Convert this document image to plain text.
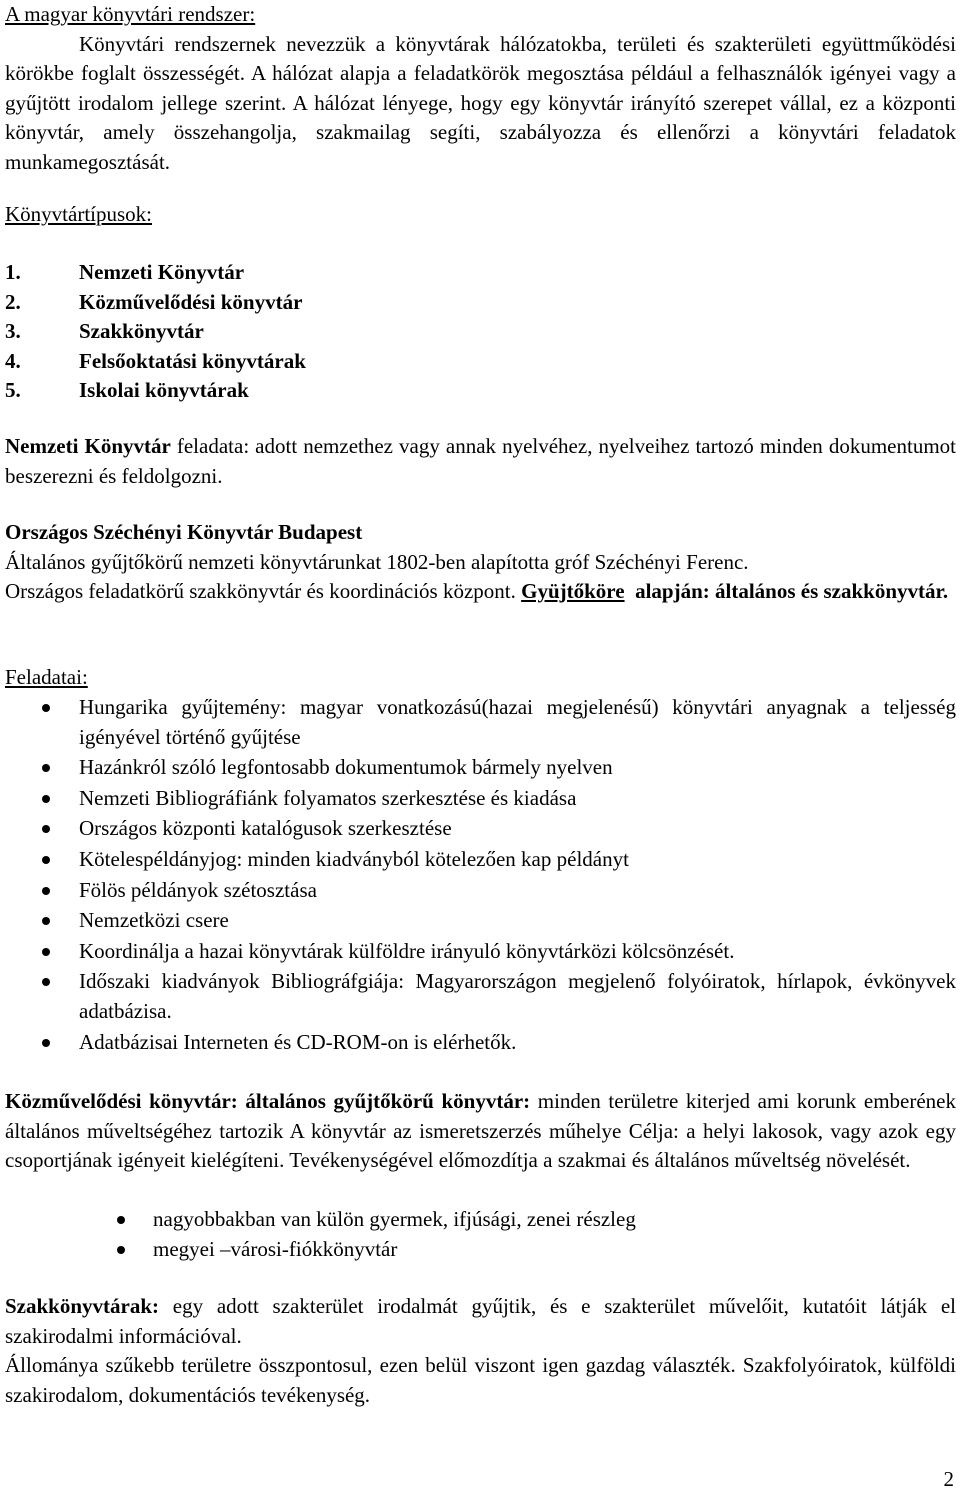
A magyar könyvtári rendszer:
Könyvtári rendszernek nevezzük a könyvtárak hálózatokba, területi és szakterületi együttműködési körökbe foglalt összességét. A hálózat alapja a feladatkörök megosztása például a felhasználók igényei vagy a gyűjtött irodalom jellege szerint. A hálózat lényege, hogy egy könyvtár irányító szerepet vállal, ez a központi könyvtár, amely összehangolja, szakmailag segíti, szabályozza és ellenőrzi a könyvtári feladatok munkamegosztását.
Könyvtártípusok:
1.	Nemzeti Könyvtár
2.	Közművelődési könyvtár
3.	Szakkönyvtár
4.	Felsőoktatási könyvtárak
5.	Iskolai könyvtárak
Nemzeti Könyvtár feladata: adott nemzethez vagy annak nyelvéhez, nyelveihez tartozó minden dokumentumot beszerezni és feldolgozni.
Országos Széchényi Könyvtár Budapest
Általános gyűjtőkörű nemzeti könyvtárunkat 1802-ben alapította gróf Széchényi Ferenc.
Országos feladatkörű szakkönyvtár és koordinációs központ. Gyüjtőköre  alapján: általános és szakkönyvtár.
Feladatai:
Hungarika gyűjtemény: magyar vonatkozású(hazai megjelenésű) könyvtári anyagnak a teljesség igényével történő gyűjtése
Hazánkról szóló legfontosabb dokumentumok bármely nyelven
Nemzeti Bibliográfiánk folyamatos szerkesztése és kiadása
Országos központi katalógusok szerkesztése
Kötelespéldányjog: minden kiadványból kötelezően kap példányt
Fölös példányok szétosztása
Nemzetközi csere
Koordinálja a hazai könyvtárak külföldre irányuló könyvtárközi kölcsönzését.
Időszaki kiadványok Bibliográfgiája: Magyarországon megjelenő folyóiratok, hírlapok, évkönyvek adatbázisa.
Adatbázisai Interneten és CD-ROM-on is elérhetők.
Közművelődési könyvtár: általános gyűjtőkörű könyvtár: minden területre kiterjed ami korunk emberének általános műveltségéhez tartozik A könyvtár az ismeretszerzés műhelye Célja: a helyi lakosok, vagy azok egy csoportjának igényeit kielégíteni. Tevékenységével előmozdítja a szakmai és általános műveltség növelését.
nagyobbakban van külön gyermek, ifjúsági, zenei részleg
megyei –városi-fiókkönyvtár
Szakkönyvtárak: egy adott szakterület irodalmát gyűjtik, és e szakterület művelőit, kutatóit látják el szakirodalmi információval.
Állománya szűkebb területre összpontosul, ezen belül viszont igen gazdag választék. Szakfolyóiratok, külföldi szakirodalom, dokumentációs tevékenység.
2
